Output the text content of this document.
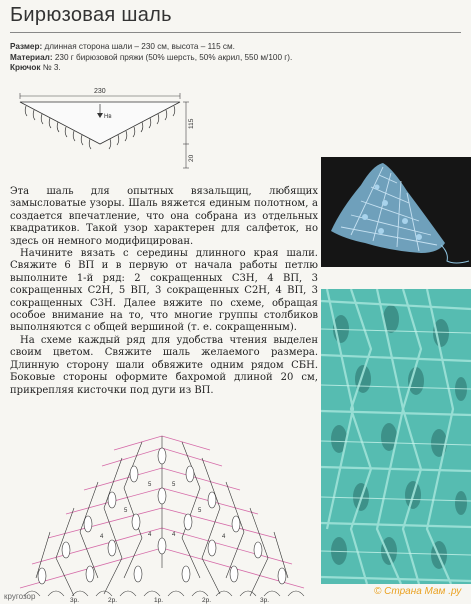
Бирюзовая шаль
Размер: длинная сторона шали – 230 см, высота – 115 см.
Материал: 230 г бирюзовой пряжи (50% шерсть, 50% акрил, 550 м/100 г).
Крючок № 3.
230
Нв
115
20

Эта шаль для опытных вязальщиц, любящих замысловатые узоры. Шаль вяжется единым полотном, а создается впечатление, что она собрана из отдельных квадратиков. Такой узор характерен для салфеток, но здесь он немного модифицирован.

Начините вязать с середины длинного края шали. Свяжите 6 ВП и в первую от начала работы петлю выполните 1-й ряд: 2 сокращенных С3Н, 4 ВП, 3 сокращенных С2Н, 5 ВП, 3 сокращенных С2Н, 4 ВП, 3 сокращенных С3Н. Далее вяжите по схеме, обращая особое внимание на то, что многие группы столбиков выполняются с общей вершиной (т. е. сокращенным).

На схеме каждый ряд для удобства чтения выделен своим цветом. Свяжите шаль желаемого размера. Длинную сторону шали обвяжите одним рядом СБН. Боковые стороны оформите бахромой длиной 20 см, прикрепляя кисточки под дуги из ВП.

5	5
5	5
4	4
4	4
3р.	2р.	1р.	2р.	3р.
кругозор	© Страна Мам .ру
